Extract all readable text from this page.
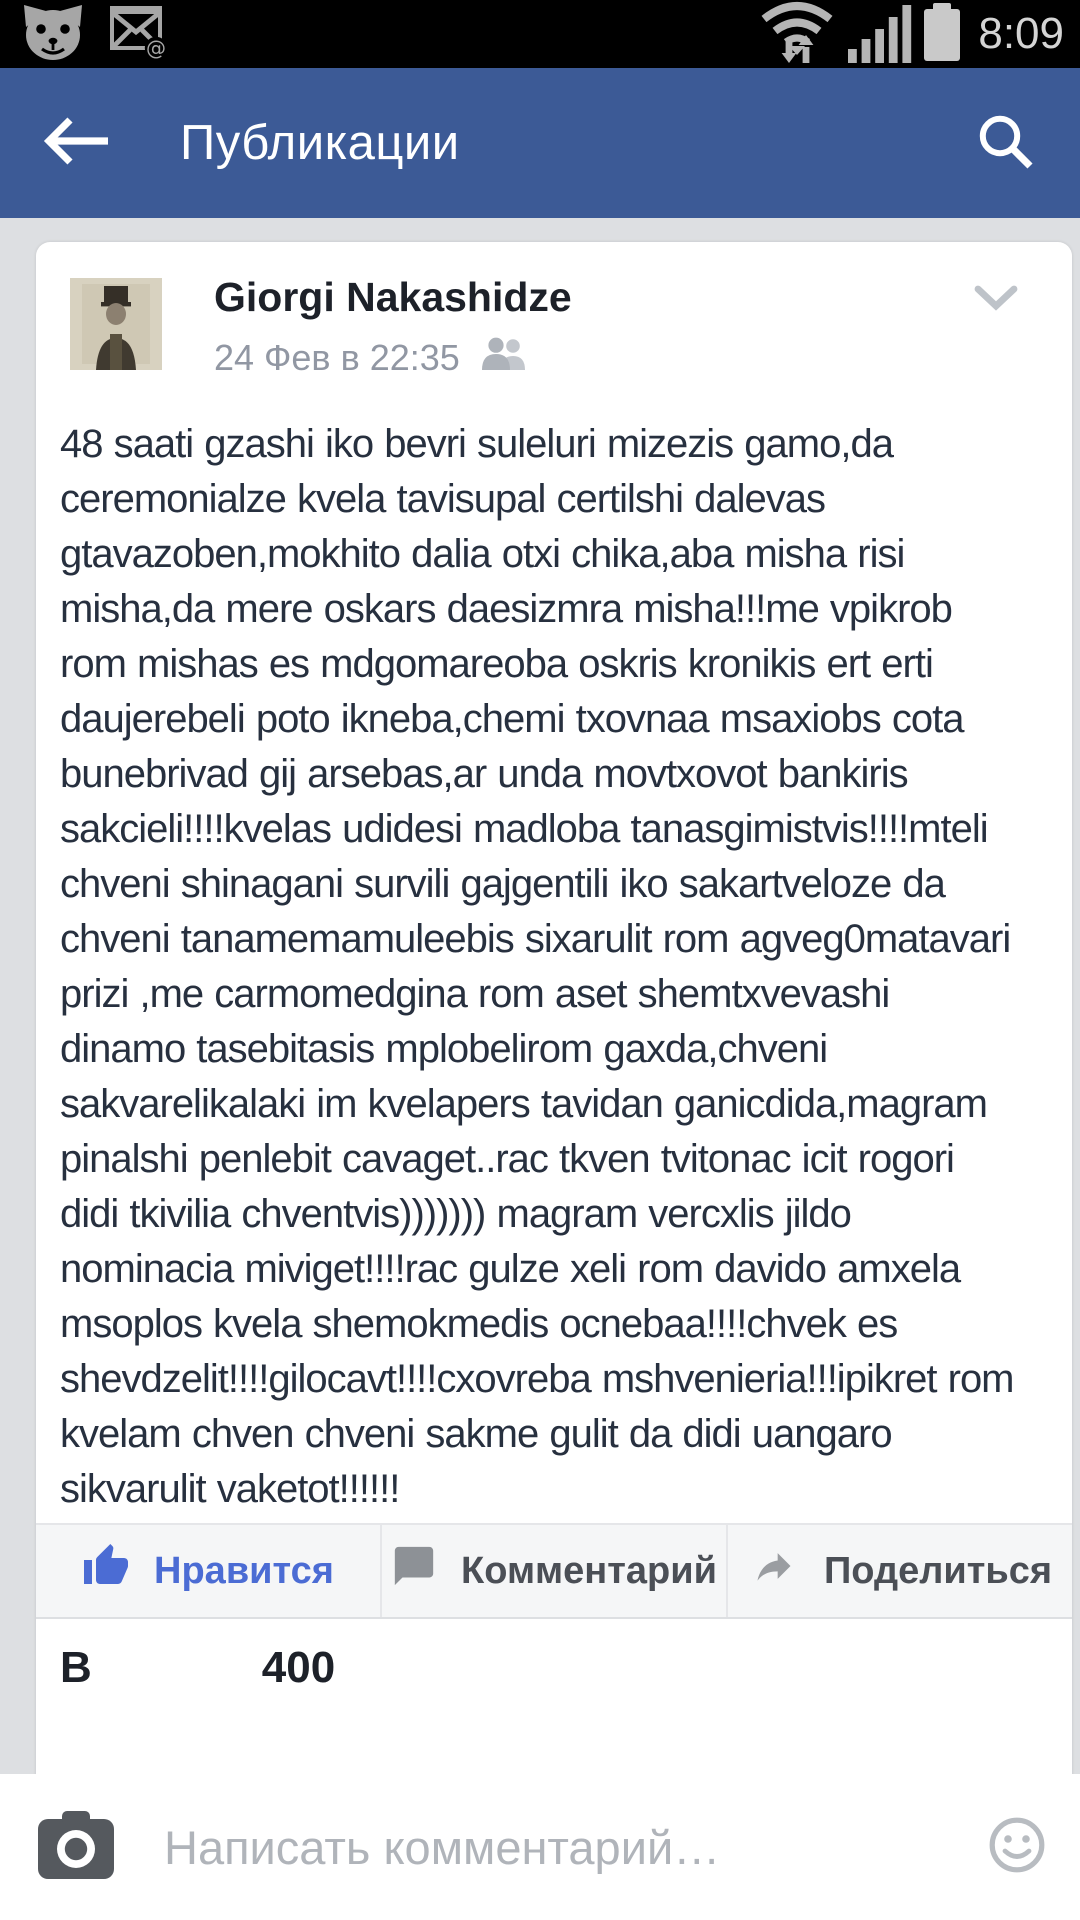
@	8:09
Публикации
Giorgi Nakashidze
24 Фев в 22:35
48 saati gzashi iko bevri suleluri mizezis gamo,da ceremonialze kvela tavisupal certilshi dalevas gtavazoben,mokhito dalia otxi chika,aba misha risi misha,da mere oskars daesizmra misha!!!me vpikrob rom mishas es mdgomareoba oskris kronikis ert erti daujerebeli poto ikneba,chemi txovnaa msaxiobs cota bunebrivad gij arsebas,ar unda movtxovot bankiris sakcieli!!!!kvelas udidesi madloba tanasgimistvis!!!!mteli chveni shinagani survili gajgentili iko sakartveloze da chveni tanamemamuleebis sixarulit rom agveg0matavari prizi ,me carmomedgina rom aset shemtxvevashi dinamo tasebitasis mplobelirom gaxda,chveni sakvarelikalaki im kvelapers tavidan ganicdida,magram pinalshi penlebit cavaget..rac tkven tvitonac icit rogori didi tkivilia chventvis))))))) magram vercxlis jildo nominacia miviget!!!!rac gulze xeli rom davido amxela msoplos kvela shemokmedis ocnebaa!!!!chvek es shevdzelit!!!!gilocavt!!!!cxovreba mshvenieria!!!ipikret rom kvelam chven chveni sakme gulit da didi uangaro sikvarulit vaketot!!!!!!
Нравится	Комментарий	Поделиться
В	400
Написать комментарий…
